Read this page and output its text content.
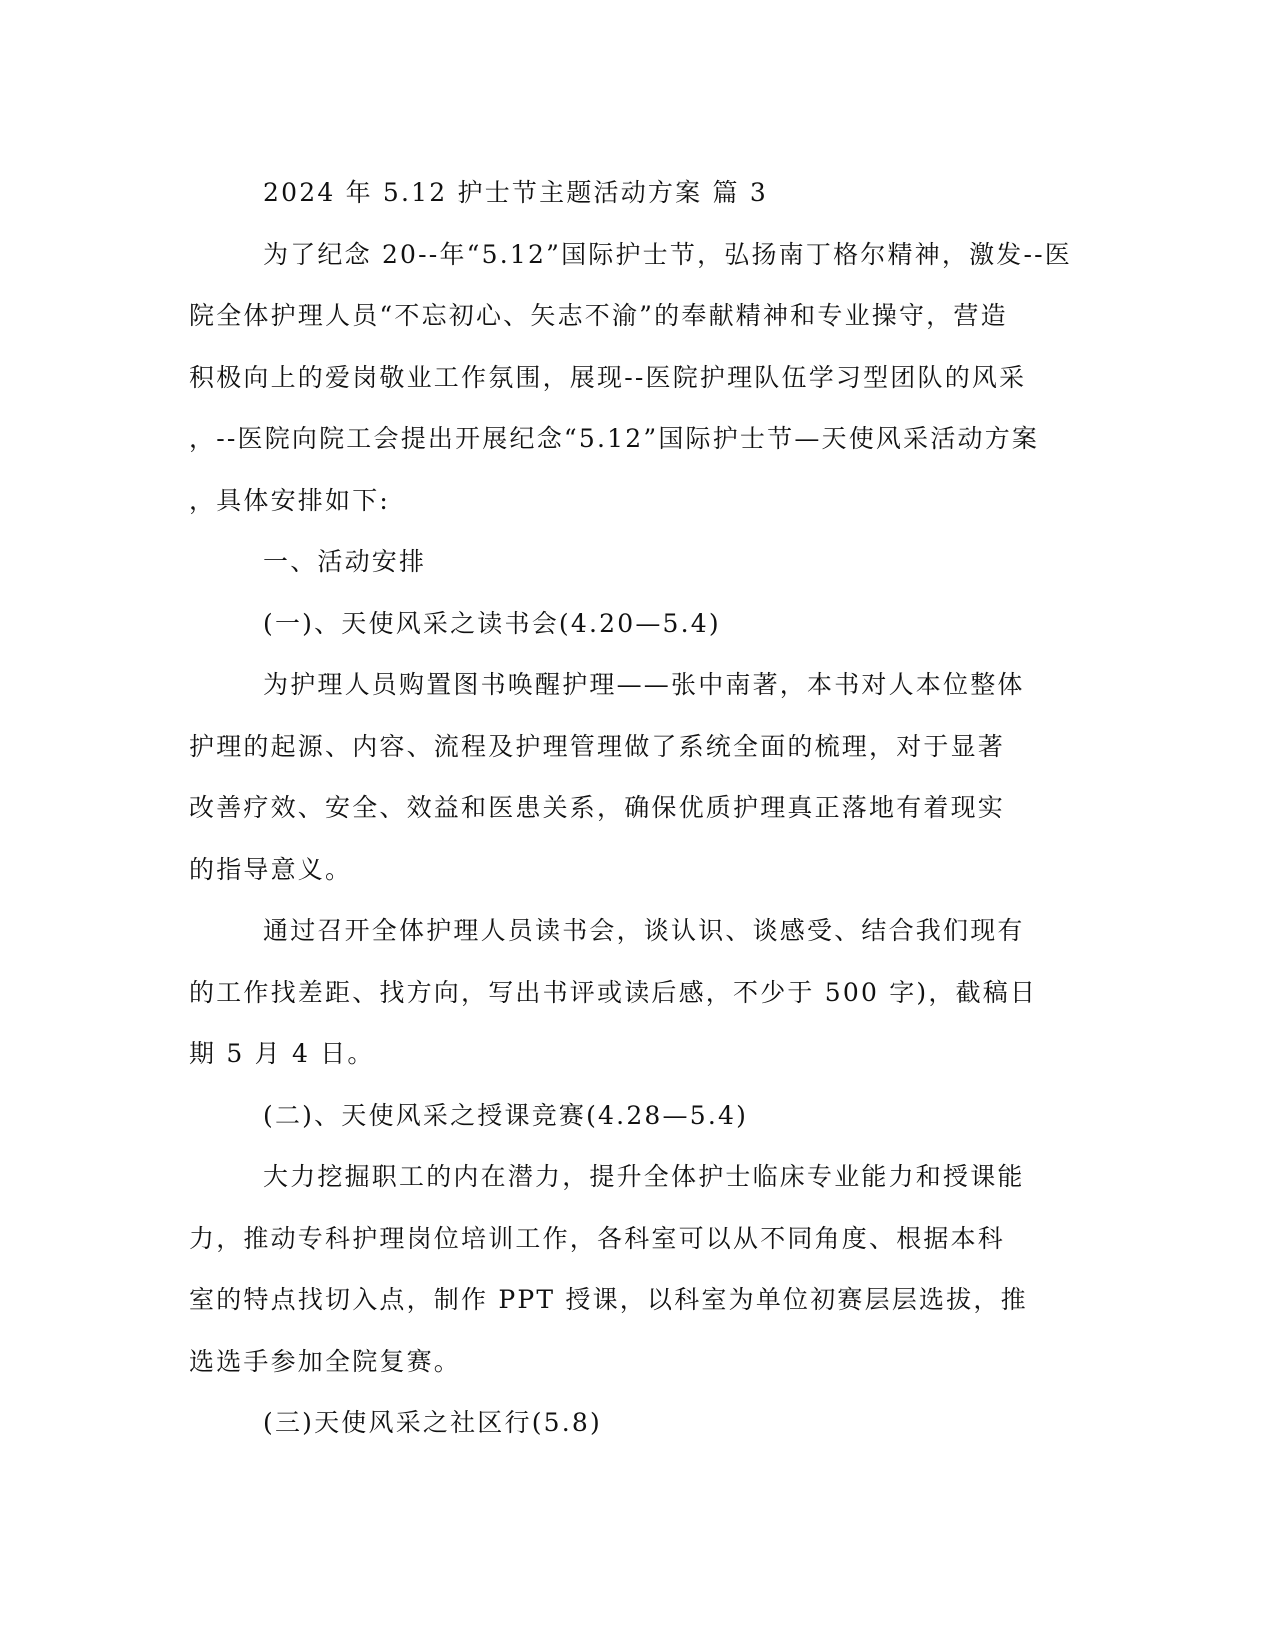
2024 年 5.12 护士节主题活动方案 篇 3
为了纪念 20--年“5.12”国际护士节，弘扬南丁格尔精神，激发--医
院全体护理人员“不忘初心、矢志不渝”的奉献精神和专业操守，营造
积极向上的爱岗敬业工作氛围，展现--医院护理队伍学习型团队的风采
，--医院向院工会提出开展纪念“5.12”国际护士节—天使风采活动方案
，具体安排如下:
一、活动安排
(一)、天使风采之读书会(4.20—5.4)
为护理人员购置图书唤醒护理——张中南著，本书对人本位整体
护理的起源、内容、流程及护理管理做了系统全面的梳理，对于显著
改善疗效、安全、效益和医患关系，确保优质护理真正落地有着现实
的指导意义。
通过召开全体护理人员读书会，谈认识、谈感受、结合我们现有
的工作找差距、找方向，写出书评或读后感，不少于 500 字)，截稿日
期 5 月 4 日。
(二)、天使风采之授课竞赛(4.28—5.4)
大力挖掘职工的内在潜力，提升全体护士临床专业能力和授课能
力，推动专科护理岗位培训工作，各科室可以从不同角度、根据本科
室的特点找切入点，制作 PPT 授课，以科室为单位初赛层层选拔，推
选选手参加全院复赛。
(三)天使风采之社区行(5.8)
